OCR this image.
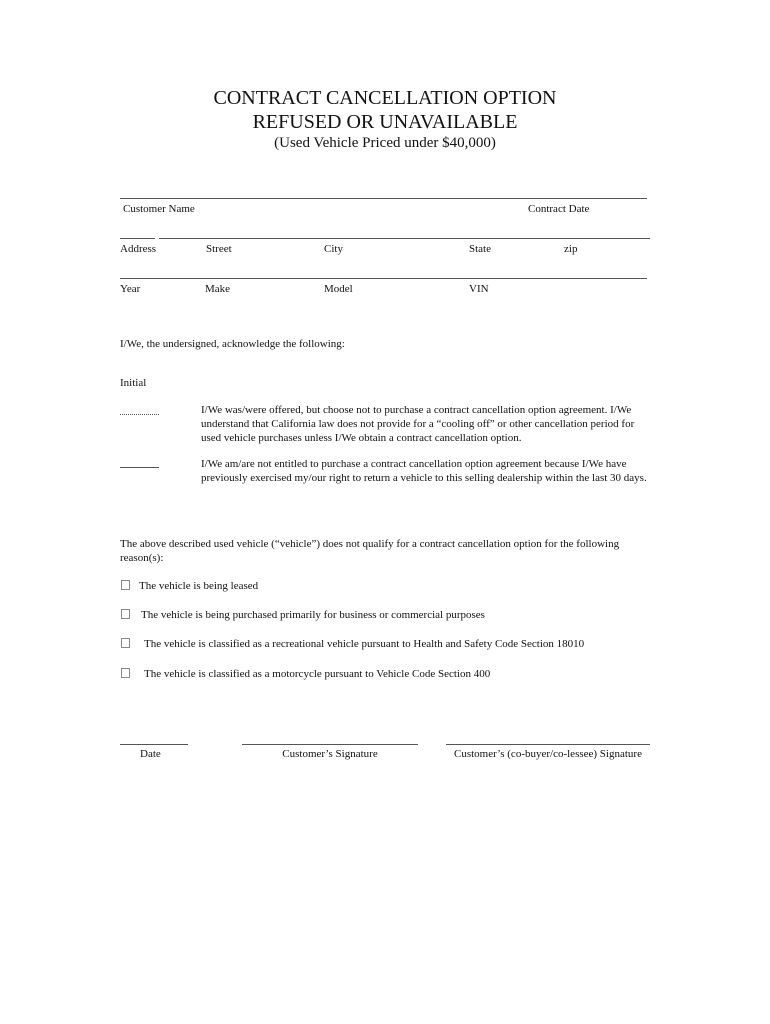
CONTRACT CANCELLATION OPTION
REFUSED OR UNAVAILABLE
(Used Vehicle Priced under $40,000)
Customer Name	Contract Date
Address	Street	City	State	zip
Year	Make	Model	VIN
I/We, the undersigned, acknowledge the following:
Initial
I/We was/were offered, but choose not to purchase a contract cancellation option agreement. I/We understand that California law does not provide for a “cooling off” or other cancellation period for used vehicle purchases unless I/We obtain a contract cancellation option.
I/We am/are not entitled to purchase a contract cancellation option agreement because I/We have previously exercised my/our right to return a vehicle to this selling dealership within the last 30 days.
The above described used vehicle (“vehicle”) does not qualify for a contract cancellation option for the following reason(s):
The vehicle is being leased
The vehicle is being purchased primarily for business or commercial purposes
The vehicle is classified as a recreational vehicle pursuant to Health and Safety Code Section 18010
The vehicle is classified as a motorcycle pursuant to Vehicle Code Section 400
Date	Customer’s Signature	Customer’s (co-buyer/co-lessee) Signature
